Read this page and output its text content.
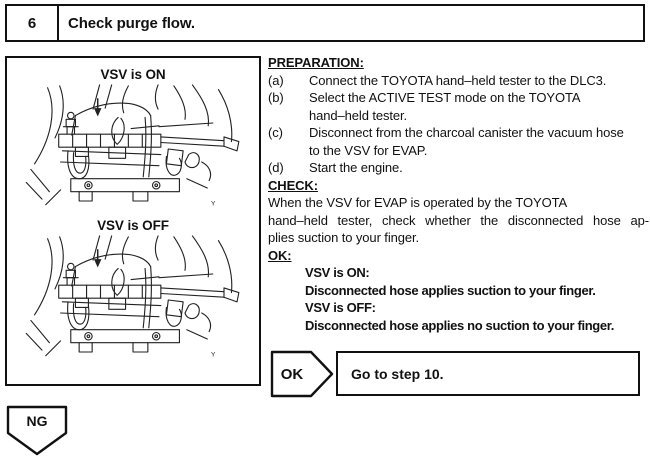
6	Check purge flow.
VSV is ON
VSV is OFF
PREPARATION:
(a)	Connect the TOYOTA hand–held tester to the DLC3.
(b)	Select the ACTIVE TEST mode on the TOYOTA
hand–held tester.
(c)	Disconnect from the charcoal canister the vacuum hose
to the VSV for EVAP.
(d)	Start the engine.
CHECK:
When the VSV for EVAP is operated by the TOYOTA
hand–held tester, check whether the disconnected hose ap-
plies suction to your finger.
OK:
VSV is ON:
Disconnected hose applies suction to your finger.
VSV is OFF:
Disconnected hose applies no suction to your finger.
OK	Go to step 10.
NG
